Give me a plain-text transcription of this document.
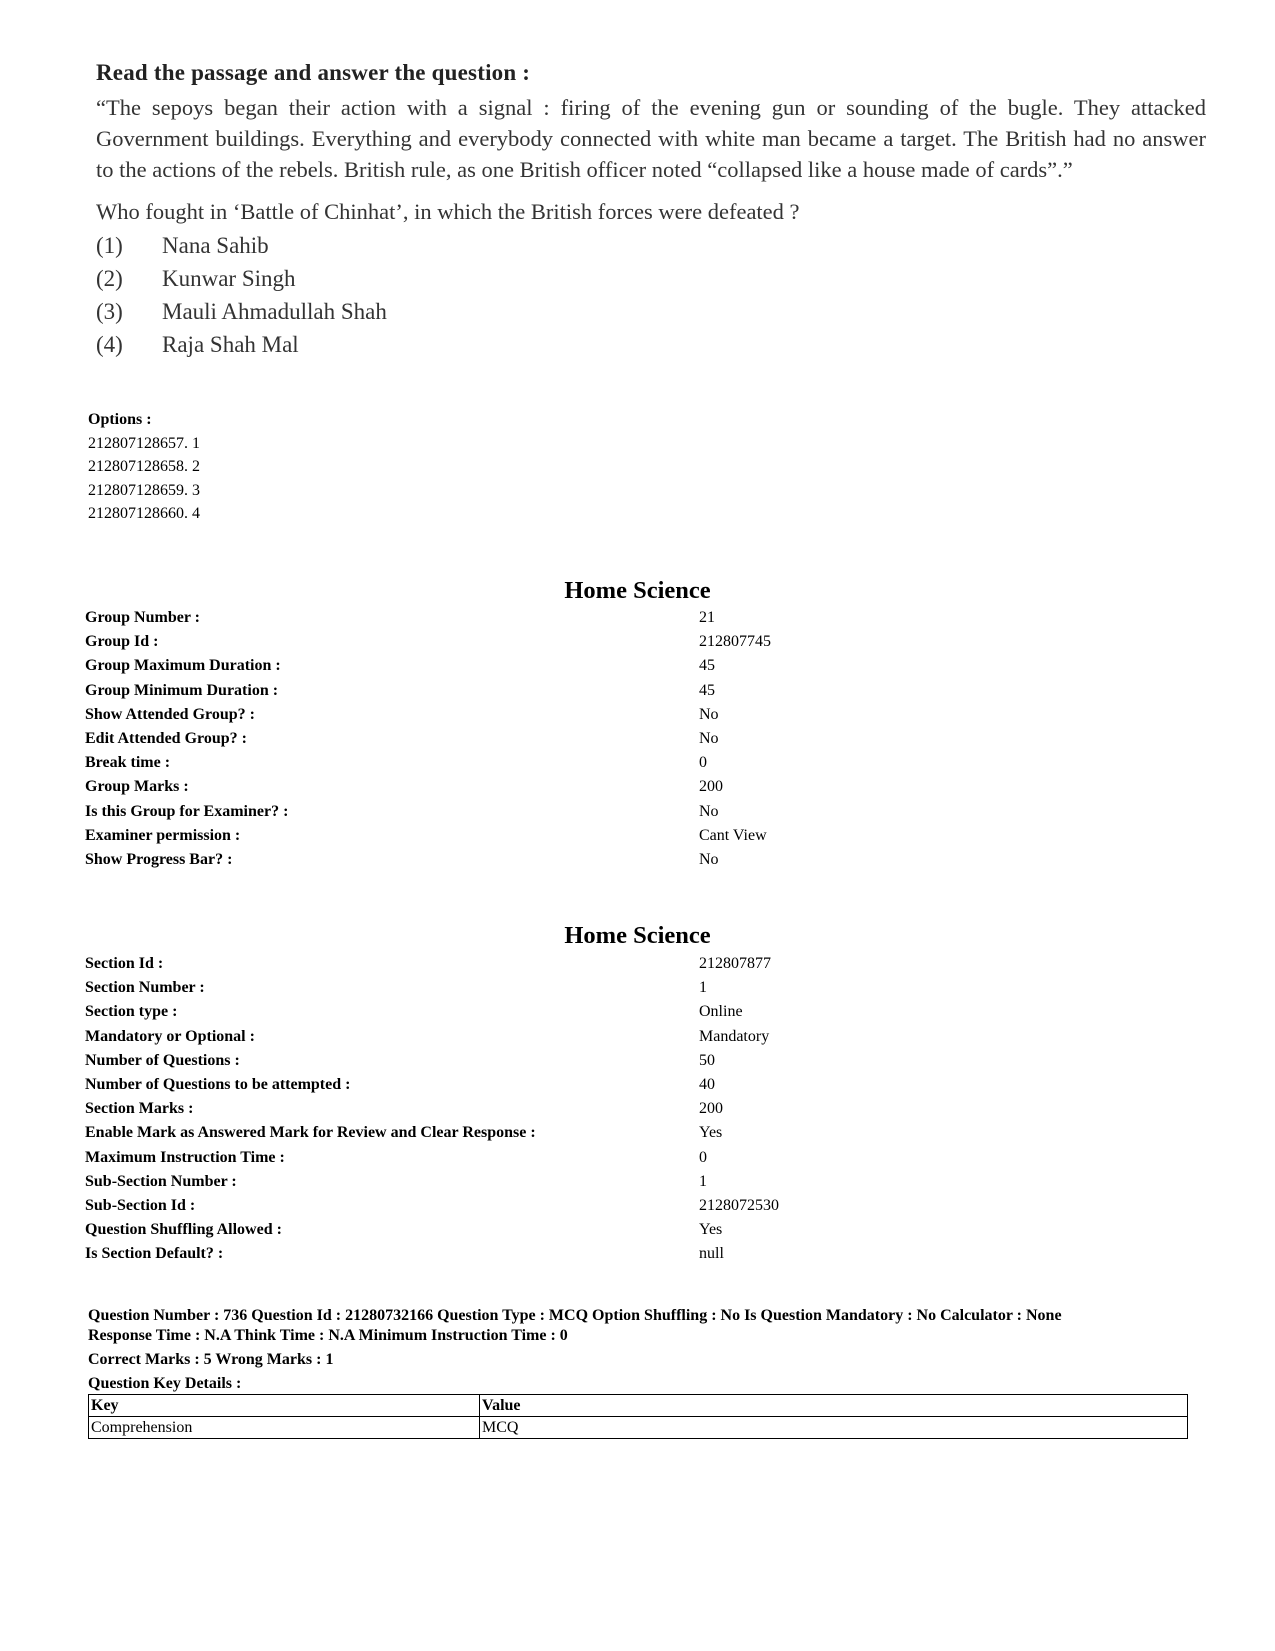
Read the passage and answer the question :

“The sepoys began their action with a signal : firing of the evening gun or sounding of the bugle. They attacked Government buildings. Everything and everybody connected with white man became a target. The British had no answer to the actions of the rebels. British rule, as one British officer noted “collapsed like a house made of cards”.”

Who fought in ‘Battle of Chinhat’, in which the British forces were defeated ?

(1)	Nana Sahib
(2)	Kunwar Singh
(3)	Mauli Ahmadullah Shah
(4)	Raja Shah Mal
Options :
212807128657. 1
212807128658. 2
212807128659. 3
212807128660. 4
Home Science
Group Number :	21
Group Id :	212807745
Group Maximum Duration :	45
Group Minimum Duration :	45
Show Attended Group? :	No
Edit Attended Group? :	No
Break time :	0
Group Marks :	200
Is this Group for Examiner? :	No
Examiner permission :	Cant View
Show Progress Bar? :	No
Home Science
Section Id :	212807877
Section Number :	1
Section type :	Online
Mandatory or Optional :	Mandatory
Number of Questions :	50
Number of Questions to be attempted :	40
Section Marks :	200
Enable Mark as Answered Mark for Review and Clear Response :	Yes
Maximum Instruction Time :	0
Sub-Section Number :	1
Sub-Section Id :	2128072530
Question Shuffling Allowed :	Yes
Is Section Default? :	null

Question Number : 736 Question Id : 21280732166 Question Type : MCQ Option Shuffling : No Is Question Mandatory : No Calculator : None

Response Time : N.A Think Time : N.A Minimum Instruction Time : 0

Correct Marks : 5 Wrong Marks : 1

Question Key Details :

Key	Value
Comprehension	MCQ
